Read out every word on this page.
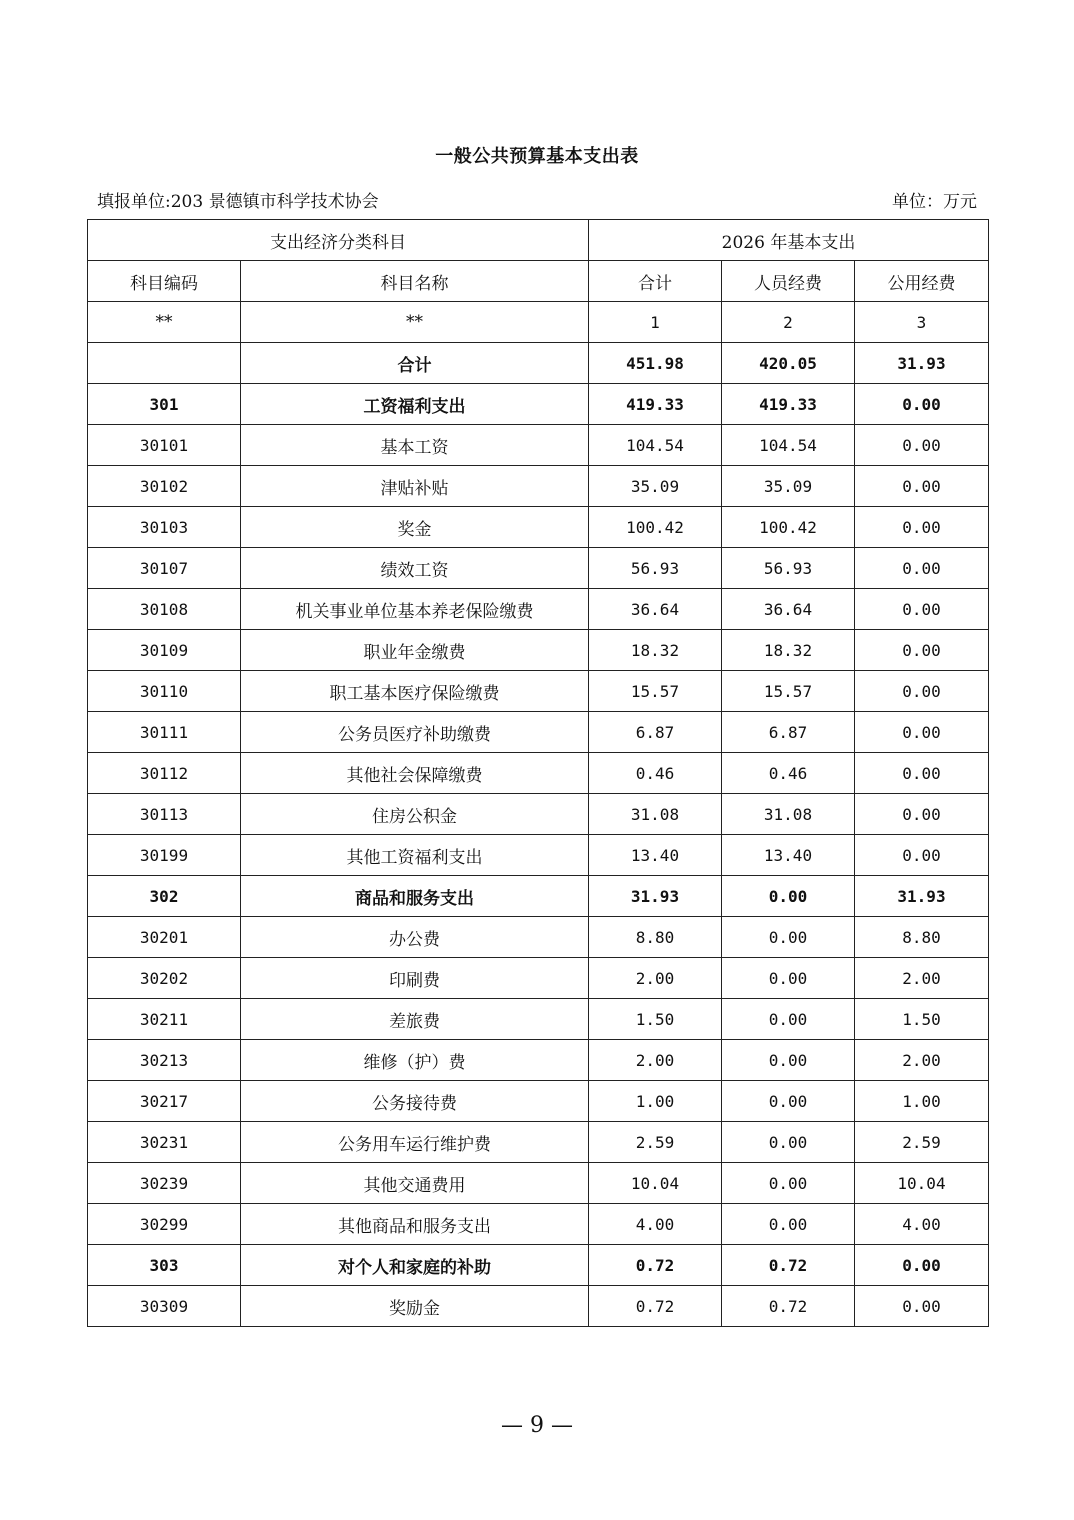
一般公共预算基本支出表
填报单位:203 景德镇市科学技术协会	单位：万元
支出经济分类科目		2026 年基本支出		
科目编码	科目名称	合计	人员经费	公用经费
**	**	1	2	3
	合计	451.98	420.05	31.93
301	工资福利支出	419.33	419.33	0.00
30101	基本工资	104.54	104.54	0.00
30102	津贴补贴	35.09	35.09	0.00
30103	奖金	100.42	100.42	0.00
30107	绩效工资	56.93	56.93	0.00
30108	机关事业单位基本养老保险缴费	36.64	36.64	0.00
30109	职业年金缴费	18.32	18.32	0.00
30110	职工基本医疗保险缴费	15.57	15.57	0.00
30111	公务员医疗补助缴费	6.87	6.87	0.00
30112	其他社会保障缴费	0.46	0.46	0.00
30113	住房公积金	31.08	31.08	0.00
30199	其他工资福利支出	13.40	13.40	0.00
302	商品和服务支出	31.93	0.00	31.93
30201	办公费	8.80	0.00	8.80
30202	印刷费	2.00	0.00	2.00
30211	差旅费	1.50	0.00	1.50
30213	维修（护）费	2.00	0.00	2.00
30217	公务接待费	1.00	0.00	1.00
30231	公务用车运行维护费	2.59	0.00	2.59
30239	其他交通费用	10.04	0.00	10.04
30299	其他商品和服务支出	4.00	0.00	4.00
303	对个人和家庭的补助	0.72	0.72	0.00
30309	奖励金	0.72	0.72	0.00
— 9 —
